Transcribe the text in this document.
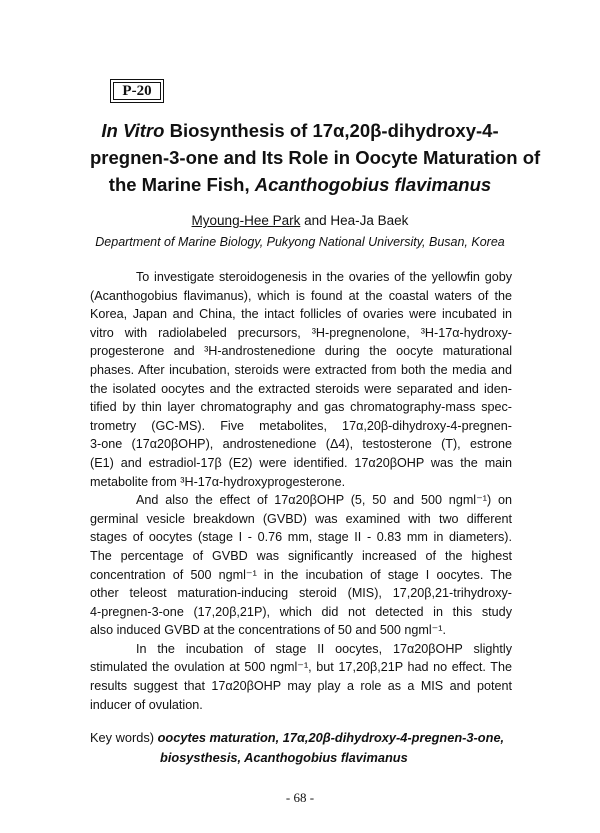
P-20
In Vitro Biosynthesis of 17α,20β-dihydroxy-4-
pregnen-3-one and Its Role in Oocyte Maturation of
the Marine Fish, Acanthogobius flavimanus
Myoung-Hee Park and Hea-Ja Baek
Department of Marine Biology, Pukyong National University, Busan, Korea
To investigate steroidogenesis in the ovaries of the yellowfin goby
(Acanthogobius flavimanus), which is found at the coastal waters of the
Korea, Japan and China, the intact follicles of ovaries were incubated in
vitro with radiolabeled precursors, ³H-pregnenolone, ³H-17α-hydroxy-
progesterone and ³H-androstenedione during the oocyte maturational
phases. After incubation, steroids were extracted from both the media and
the isolated oocytes and the extracted steroids were separated and iden-
tified by thin layer chromatography and gas chromatography-mass spec-
trometry (GC-MS). Five metabolites, 17α,20β-dihydroxy-4-pregnen-
3-one (17α20βOHP), androstenedione (Δ4), testosterone (T), estrone
(E1) and estradiol-17β (E2) were identified. 17α20βOHP was the main
metabolite from ³H-17α-hydroxyprogesterone.
And also the effect of 17α20βOHP (5, 50 and 500 ngml⁻¹) on
germinal vesicle breakdown (GVBD) was examined with two different
stages of oocytes (stage I - 0.76 mm, stage II - 0.83 mm in diameters).
The percentage of GVBD was significantly increased of the highest
concentration of 500 ngml⁻¹ in the incubation of stage I oocytes. The
other teleost maturation-inducing steroid (MIS), 17,20β,21-trihydroxy-
4-pregnen-3-one (17,20β,21P), which did not detected in this study
also induced GVBD at the concentrations of 50 and 500 ngml⁻¹.
In the incubation of stage II oocytes, 17α20βOHP slightly
stimulated the ovulation at 500 ngml⁻¹, but 17,20β,21P had no effect. The
results suggest that 17α20βOHP may play a role as a MIS and potent
inducer of ovulation.
Key words) oocytes maturation, 17α,20β-dihydroxy-4-pregnen-3-one,
biosysthesis, Acanthogobius flavimanus
- 68 -
